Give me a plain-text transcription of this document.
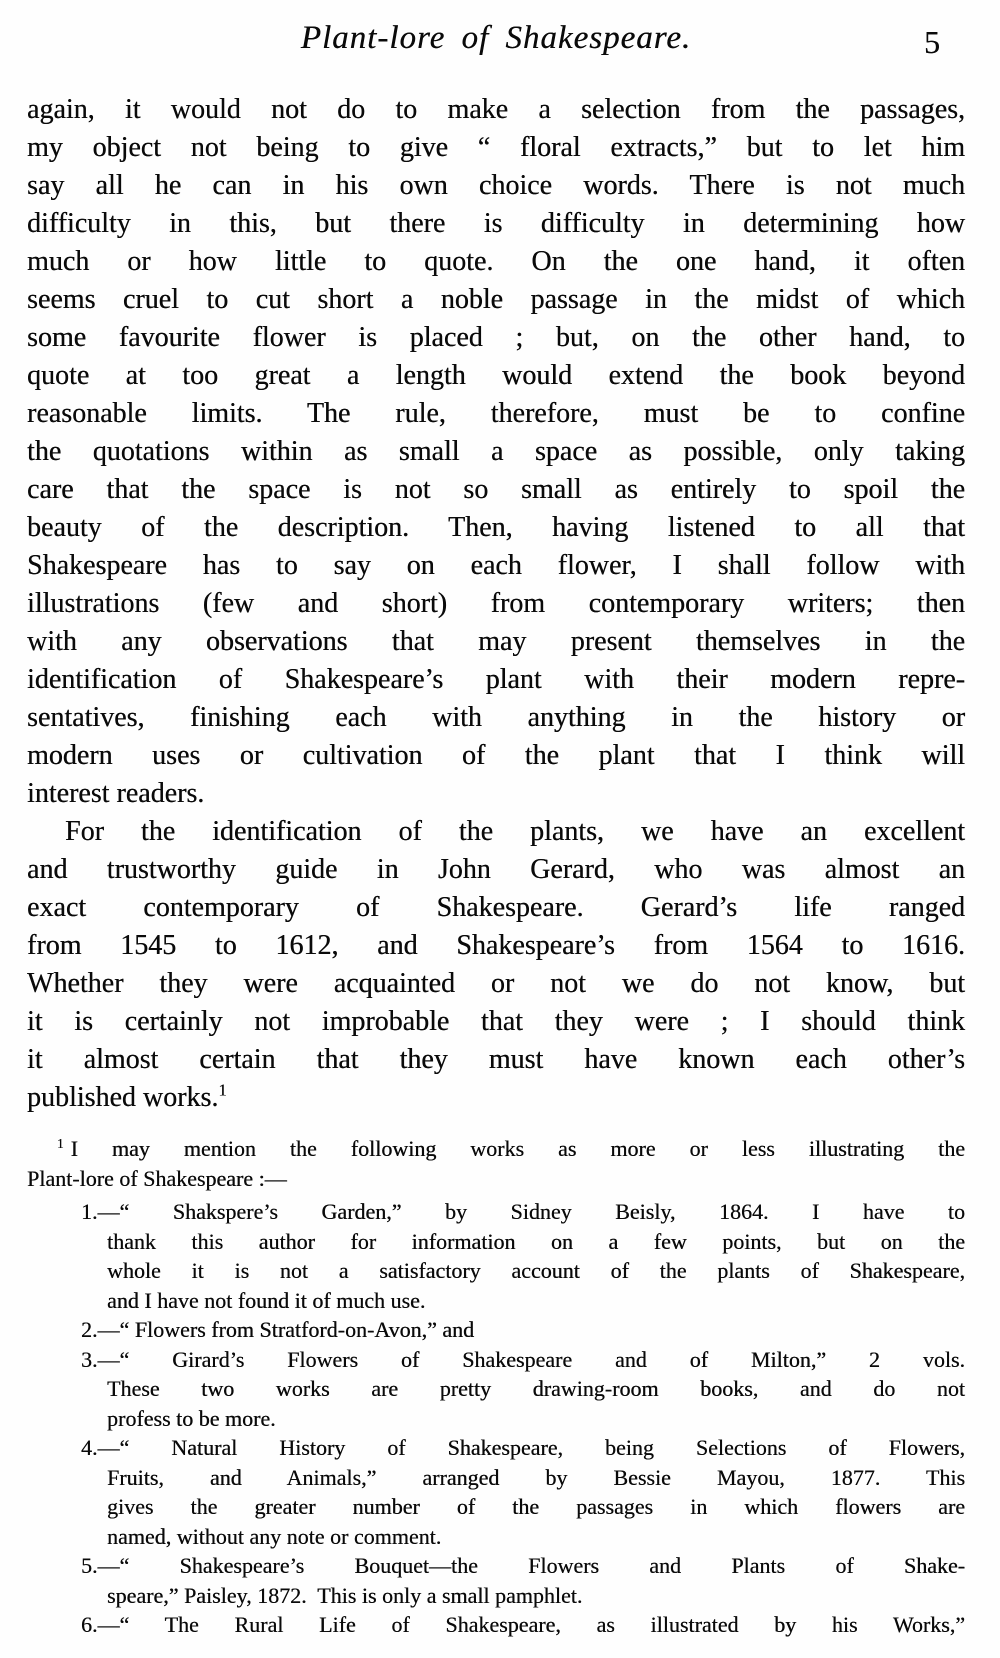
Plant-lore of Shakespeare.	5
again, it would not do to make a selection from the passages,
my object not being to give “ floral extracts,” but to let him
say all he can in his own choice words. There is not much
difficulty in this, but there is difficulty in determining how
much or how little to quote. On the one hand, it often
seems cruel to cut short a noble passage in the midst of which
some favourite flower is placed ; but, on the other hand, to
quote at too great a length would extend the book beyond
reasonable limits. The rule, therefore, must be to confine
the quotations within as small a space as possible, only taking
care that the space is not so small as entirely to spoil the
beauty of the description. Then, having listened to all that
Shakespeare has to say on each flower, I shall follow with
illustrations (few and short) from contemporary writers; then
with any observations that may present themselves in the
identification of Shakespeare’s plant with their modern repre-
sentatives, finishing each with anything in the history or
modern uses or cultivation of the plant that I think will
interest readers.
For the identification of the plants, we have an excellent
and trustworthy guide in John Gerard, who was almost an
exact contemporary of Shakespeare. Gerard’s life ranged
from 1545 to 1612, and Shakespeare’s from 1564 to 1616.
Whether they were acquainted or not we do not know, but
it is certainly not improbable that they were ; I should think
it almost certain that they must have known each other’s
published works.$^1$
$^1$ I may mention the following works as more or less illustrating the
Plant-lore of Shakespeare :—
1.—“ Shakspere’s Garden,” by Sidney Beisly, 1864. I have to
thank this author for information on a few points, but on the
whole it is not a satisfactory account of the plants of Shakespeare,
and I have not found it of much use.
2.—“ Flowers from Stratford-on-Avon,” and
3.—“ Girard’s Flowers of Shakespeare and of Milton,” 2 vols.
These two works are pretty drawing-room books, and do not
profess to be more.
4.—“ Natural History of Shakespeare, being Selections of Flowers,
Fruits, and Animals,” arranged by Bessie Mayou, 1877. This
gives the greater number of the passages in which flowers are
named, without any note or comment.
5.—“ Shakespeare’s Bouquet—the Flowers and Plants of Shake-
speare,” Paisley, 1872.  This is only a small pamphlet.
6.—“ The Rural Life of Shakespeare, as illustrated by his Works,”
